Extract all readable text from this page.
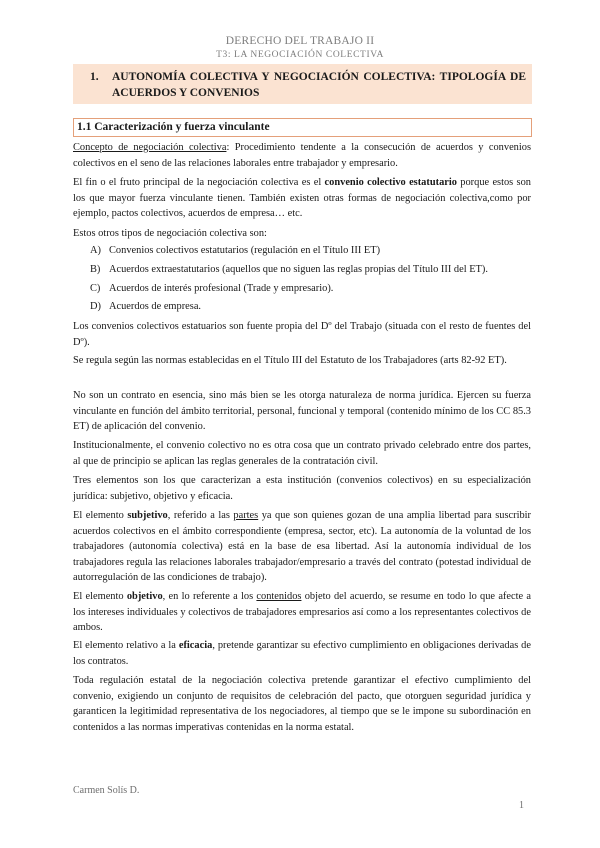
DERECHO DEL TRABAJO II
T3: LA NEGOCIACIÓN COLECTIVA
1. AUTONOMÍA COLECTIVA Y NEGOCIACIÓN COLECTIVA: TIPOLOGÍA DE ACUERDOS Y CONVENIOS
1.1 Caracterización y fuerza vinculante

Concepto de negociación colectiva: Procedimiento tendente a la consecución de acuerdos y convenios colectivos en el seno de las relaciones laborales entre trabajador y empresario.

El fin o el fruto principal de la negociación colectiva es el convenio colectivo estatutario porque estos son los que mayor fuerza vinculante tienen. También existen otras formas de negociación colectiva,como por ejemplo, pactos colectivos, acuerdos de empresa… etc.

Estos otros tipos de negociación colectiva son:

A) Convenios colectivos estatutarios (regulación en el Título III ET)

B) Acuerdos extraestatutarios (aquellos que no siguen las reglas propias del Título III del ET).

C) Acuerdos de interés profesional (Trade y empresario).

D) Acuerdos de empresa.

Los convenios colectivos estatuarios son fuente propia del Dº del Trabajo (situada con el resto de fuentes del Dº).

Se regula según las normas establecidas en el Título III del Estatuto de los Trabajadores (arts 82-92 ET).

No son un contrato en esencia, sino más bien se les otorga naturaleza de norma jurídica. Ejercen su fuerza vinculante en función del ámbito territorial, personal, funcional y temporal (contenido mínimo de los CC 85.3 ET) de aplicación del convenio.

Institucionalmente, el convenio colectivo no es otra cosa que un contrato privado celebrado entre dos partes, al que de principio se aplican las reglas generales de la contratación civil.

Tres elementos son los que caracterizan a esta institución (convenios colectivos) en su especialización jurídica: subjetivo, objetivo y eficacia.

El elemento subjetivo, referido a las partes ya que son quienes gozan de una amplia libertad para suscribir acuerdos colectivos en el ámbito correspondiente (empresa, sector, etc). La autonomía de la voluntad de los trabajadores (autonomía colectiva) está en la base de esa libertad. Así la autonomía individual de los trabajadores regula las relaciones laborales trabajador/empresario a través del contrato (potestad individual de autorregulación de las condiciones de trabajo).

El elemento objetivo, en lo referente a los contenidos objeto del acuerdo, se resume en todo lo que afecte a los intereses individuales y colectivos de trabajadores empresarios así como a los representantes colectivos de ambos.

El elemento relativo a la eficacia, pretende garantizar su efectivo cumplimiento en obligaciones derivadas de los contratos.

Toda regulación estatal de la negociación colectiva pretende garantizar el efectivo cumplimiento del convenio, exigiendo un conjunto de requisitos de celebración del pacto, que otorguen seguridad jurídica y garanticen la legitimidad representativa de los negociadores, al tiempo que se le impone su subordinación en contenidos a las normas imperativas contenidas en la norma estatal.

Carmen Solís D.
1
